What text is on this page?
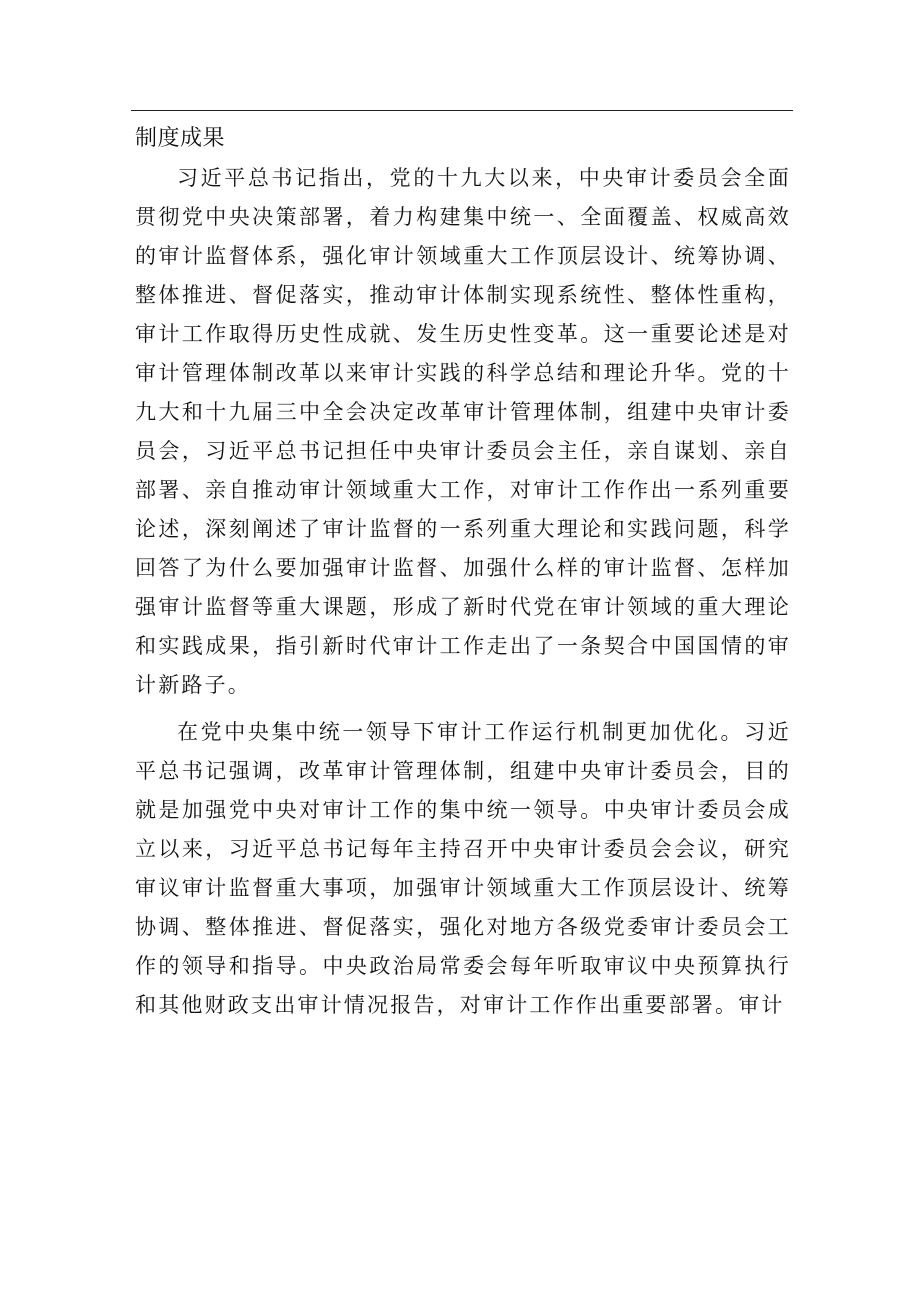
制度成果

习近平总书记指出，党的十九大以来，中央审计委员会全面贯彻党中央决策部署，着力构建集中统一、全面覆盖、权威高效的审计监督体系，强化审计领域重大工作顶层设计、统筹协调、整体推进、督促落实，推动审计体制实现系统性、整体性重构，审计工作取得历史性成就、发生历史性变革。这一重要论述是对审计管理体制改革以来审计实践的科学总结和理论升华。党的十九大和十九届三中全会决定改革审计管理体制，组建中央审计委员会，习近平总书记担任中央审计委员会主任，亲自谋划、亲自部署、亲自推动审计领域重大工作，对审计工作作出一系列重要论述，深刻阐述了审计监督的一系列重大理论和实践问题，科学回答了为什么要加强审计监督、加强什么样的审计监督、怎样加强审计监督等重大课题，形成了新时代党在审计领域的重大理论和实践成果，指引新时代审计工作走出了一条契合中国国情的审计新路子。

在党中央集中统一领导下审计工作运行机制更加优化。习近平总书记强调，改革审计管理体制，组建中央审计委员会，目的就是加强党中央对审计工作的集中统一领导。中央审计委员会成立以来，习近平总书记每年主持召开中央审计委员会会议，研究审议审计监督重大事项，加强审计领域重大工作顶层设计、统筹协调、整体推进、督促落实，强化对地方各级党委审计委员会工作的领导和指导。中央政治局常委会每年听取审议中央预算执行和其他财政支出审计情况报告，对审计工作作出重要部署。审计
